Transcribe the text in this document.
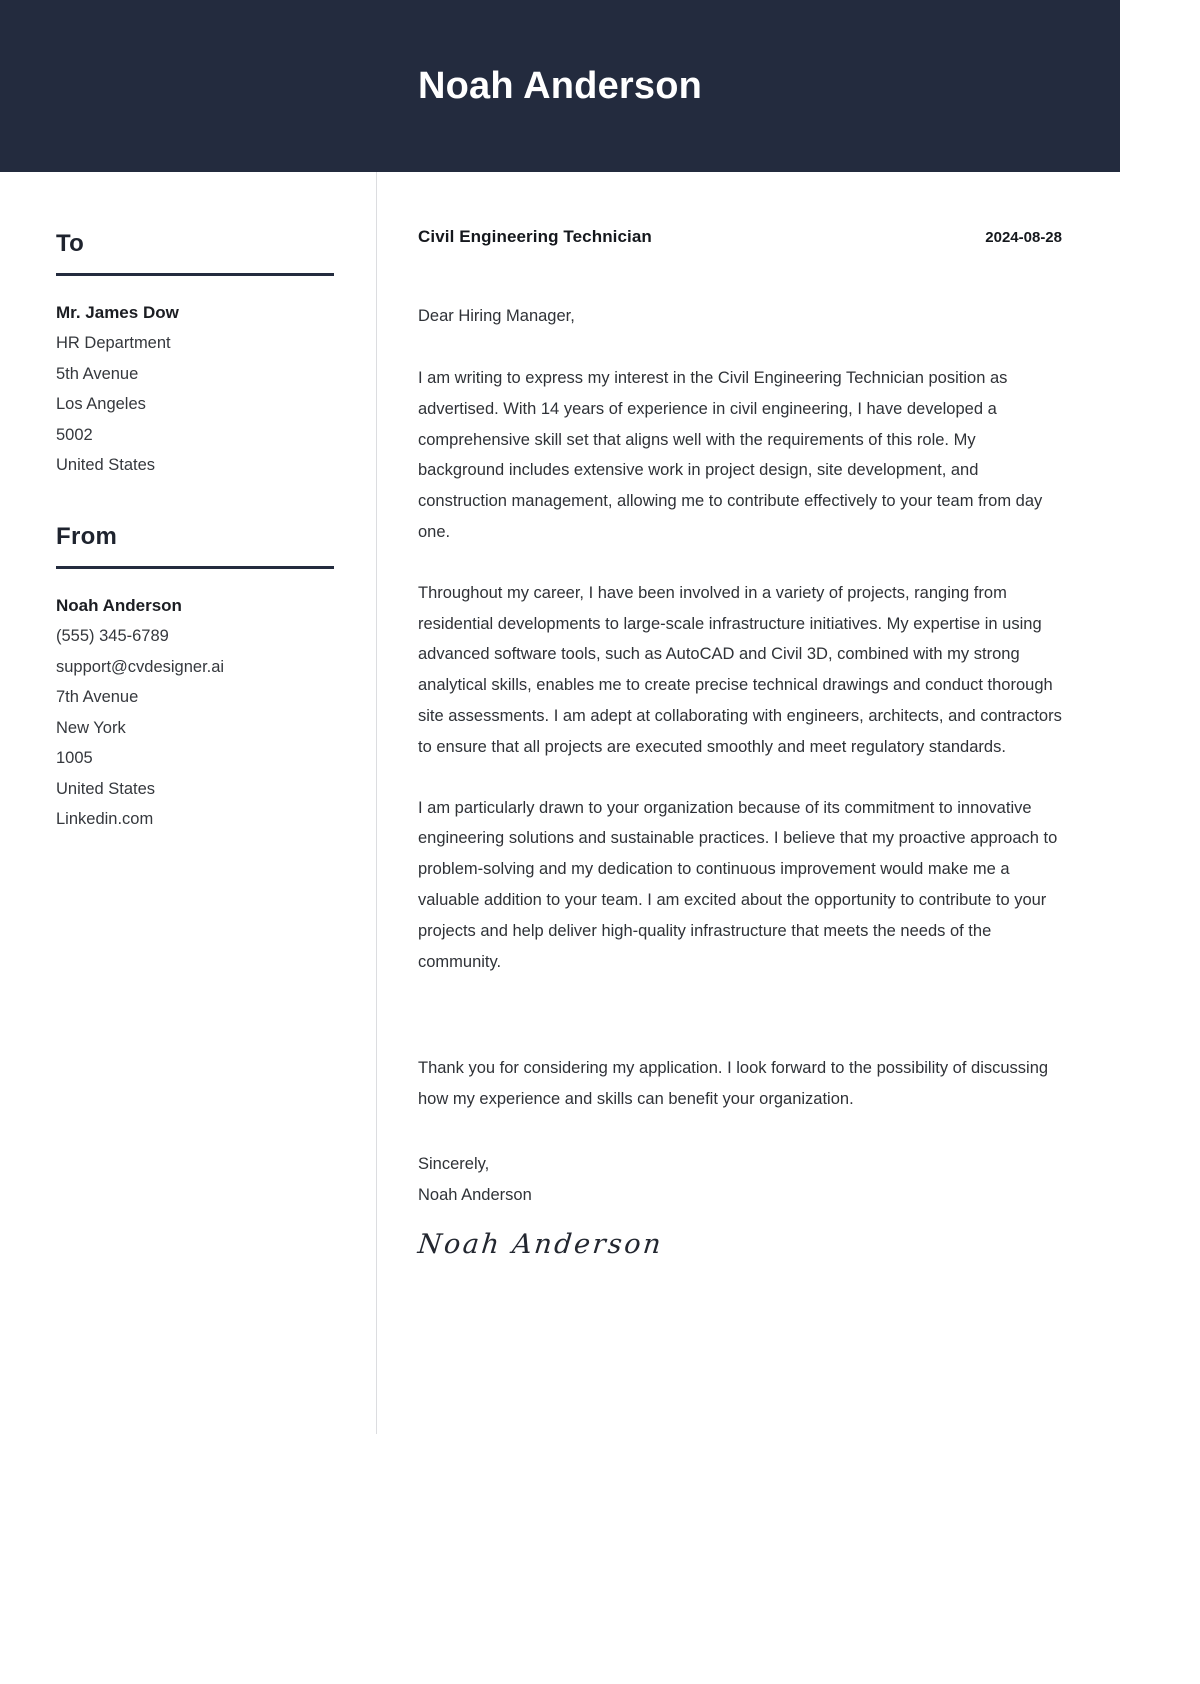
Noah Anderson
To
Mr. James Dow
HR Department
5th Avenue
Los Angeles
5002
United States
From
Noah Anderson
(555) 345-6789
support@cvdesigner.ai
7th Avenue
New York
1005
United States
Linkedin.com
Civil Engineering Technician	2024-08-28
Dear Hiring Manager,

I am writing to express my interest in the Civil Engineering Technician position as advertised. With 14 years of experience in civil engineering, I have developed a comprehensive skill set that aligns well with the requirements of this role. My background includes extensive work in project design, site development, and construction management, allowing me to contribute effectively to your team from day one.

Throughout my career, I have been involved in a variety of projects, ranging from residential developments to large-scale infrastructure initiatives. My expertise in using advanced software tools, such as AutoCAD and Civil 3D, combined with my strong analytical skills, enables me to create precise technical drawings and conduct thorough site assessments. I am adept at collaborating with engineers, architects, and contractors to ensure that all projects are executed smoothly and meet regulatory standards.

I am particularly drawn to your organization because of its commitment to innovative engineering solutions and sustainable practices. I believe that my proactive approach to problem-solving and my dedication to continuous improvement would make me a valuable addition to your team. I am excited about the opportunity to contribute to your projects and help deliver high-quality infrastructure that meets the needs of the community.

Thank you for considering my application. I look forward to the possibility of discussing how my experience and skills can benefit your organization.

Sincerely,
Noah Anderson
Noah Anderson
